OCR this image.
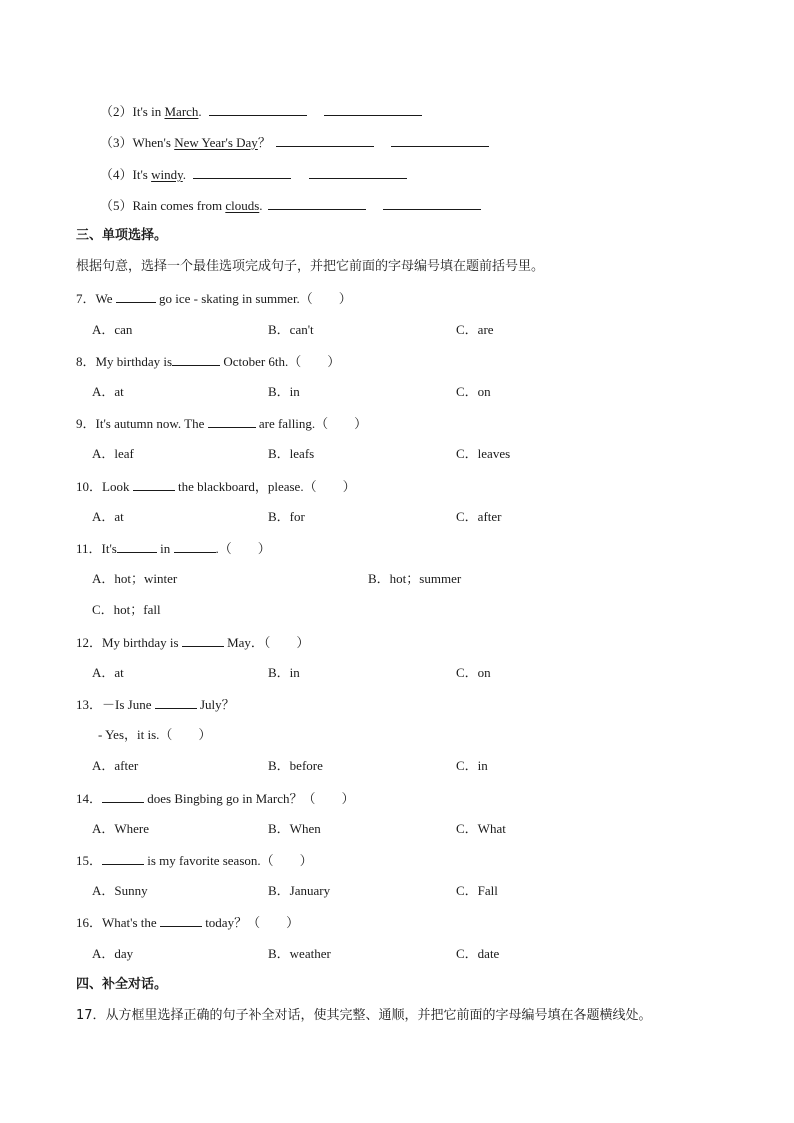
（2）It's in March.
（3）When's New Year's Day？
（4）It's windy.
（5）Rain comes from clouds.
三、单项选择。
根据句意，选择一个最佳选项完成句子，并把它前面的字母编号填在题前括号里。
7．We	go ice - skating in summer.（　　）
A．can	B．can't	C．are
8．My birthday is	October 6th.（　　）
A．at	B．in	C．on
9．It's autumn now. The	are falling.（　　）
A．leaf	B．leafs	C．leaves
10．Look	the blackboard，please.（　　）
A．at	B．for	C．after
11．It's	in	.（　　）
A．hot；winter	B．hot；summer
C．hot；fall
12．My birthday is	May．（　　）
A．at	B．in	C．on
13．－Is June	July？
- Yes，it is.（　　）
A．after	B．before	C．in
14．	does Bingbing go in March？（　　）
A．Where	B．When	C．What
15．	is my favorite season.（　　）
A．Sunny	B．January	C．Fall
16．What's the	today？（　　）
A．day	B．weather	C．date
四、补全对话。
17．从方框里选择正确的句子补全对话，使其完整、通顺，并把它前面的字母编号填在各题横线处。
